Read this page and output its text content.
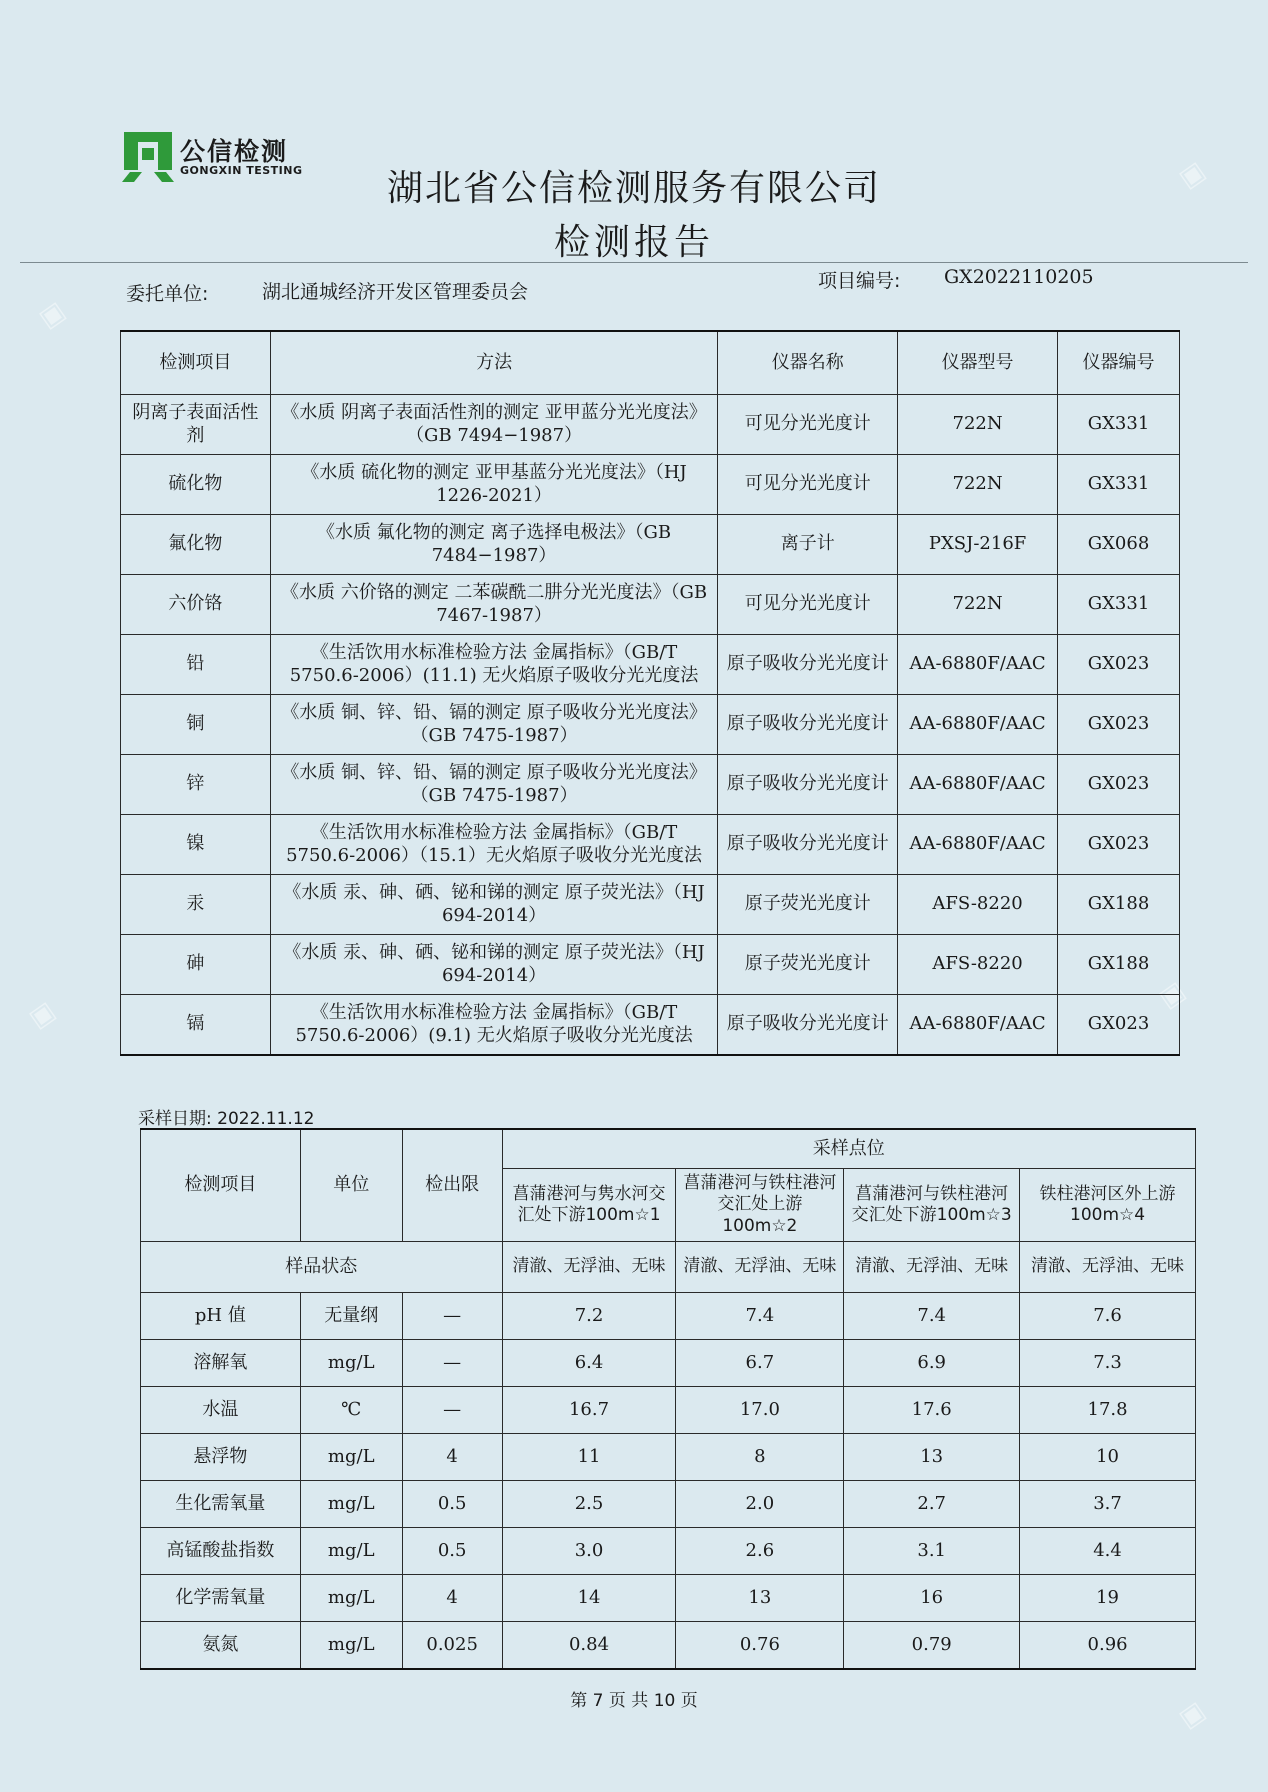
▣
▣
▣
▣
▣
公信检测
GONGXIN TESTING	湖北省公信检测服务有限公司
检测报告
委托单位:	湖北通城经济开发区管理委员会	项目编号: GX2022110205
检测项目	方法	仪器名称	仪器型号	仪器编号
阴离子表面活性剂	《水质 阴离子表面活性剂的测定 亚甲蓝分光光度法》（GB 7494−1987）	可见分光光度计	722N	GX331
硫化物	《水质 硫化物的测定 亚甲基蓝分光光度法》（HJ 1226-2021）	可见分光光度计	722N	GX331
氟化物	《水质 氟化物的测定 离子选择电极法》（GB 7484−1987）	离子计	PXSJ-216F	GX068
六价铬	《水质 六价铬的测定 二苯碳酰二肼分光光度法》（GB 7467-1987）	可见分光光度计	722N	GX331
铅	《生活饮用水标准检验方法 金属指标》（GB/T 5750.6-2006）(11.1) 无火焰原子吸收分光光度法	原子吸收分光光度计	AA-6880F/AAC	GX023
铜	《水质 铜、锌、铅、镉的测定 原子吸收分光光度法》（GB 7475-1987）	原子吸收分光光度计	AA-6880F/AAC	GX023
锌	《水质 铜、锌、铅、镉的测定 原子吸收分光光度法》（GB 7475-1987）	原子吸收分光光度计	AA-6880F/AAC	GX023
镍	《生活饮用水标准检验方法 金属指标》（GB/T 5750.6-2006）（15.1）无火焰原子吸收分光光度法	原子吸收分光光度计	AA-6880F/AAC	GX023
汞	《水质 汞、砷、硒、铋和锑的测定 原子荧光法》（HJ 694-2014）	原子荧光光度计	AFS-8220	GX188
砷	《水质 汞、砷、硒、铋和锑的测定 原子荧光法》（HJ 694-2014）	原子荧光光度计	AFS-8220	GX188
镉	《生活饮用水标准检验方法 金属指标》（GB/T 5750.6-2006）(9.1) 无火焰原子吸收分光光度法	原子吸收分光光度计	AA-6880F/AAC	GX023
采样日期: 2022.11.12
检测项目	单位	检出限	采样点位			
			菖蒲港河与隽水河交汇处下游100m☆1	菖蒲港河与铁柱港河交汇处上游100m☆2	菖蒲港河与铁柱港河交汇处下游100m☆3	铁柱港河区外上游 100m☆4
样品状态			清澈、无浮油、无味	清澈、无浮油、无味	清澈、无浮油、无味	清澈、无浮油、无味
pH 值	无量纲	—	7.2	7.4	7.4	7.6
溶解氧	mg/L	—	6.4	6.7	6.9	7.3
水温	℃	—	16.7	17.0	17.6	17.8
悬浮物	mg/L	4	11	8	13	10
生化需氧量	mg/L	0.5	2.5	2.0	2.7	3.7
高锰酸盐指数	mg/L	0.5	3.0	2.6	3.1	4.4
化学需氧量	mg/L	4	14	13	16	19
氨氮	mg/L	0.025	0.84	0.76	0.79	0.96
第 7 页 共 10 页
